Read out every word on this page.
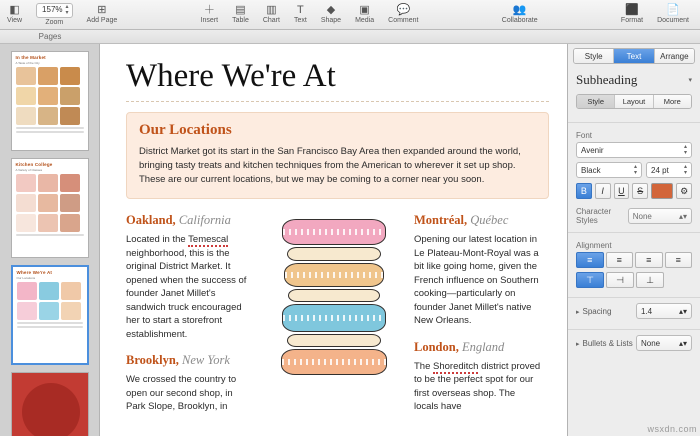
◧
View
157% ▴
▾
Zoom
⊞
Add Page
＋
Insert
▤
Table
▥
Chart
T
Text
◆
Shape
▣
Media
💬
Comment
👥
Collaborate
⬛
Format
📄
Document
Pages
In the Market
A Taste of the City
Kitchen College
A Variety of Classes
Where We're At
Our Locations
Where We're At
Our Locations

District Market got its start in the San Francisco Bay Area then expanded around the world, bringing tasty treats and kitchen techniques from the American to wherever it set up shop. These are our current locations, but we may be coming to a corner near you soon.

Oakland, California

Located in the Temescal neighborhood, this is the original District Market. It opened when the success of founder Janet Millet's sandwich truck encouraged her to start a storefront establishment.

Brooklyn, New York

We crossed the country to open our second shop, in Park Slope, Brooklyn, in

Montréal, Québec

Opening our latest location in Le Plateau-Mont-Royal was a bit like going home, given the French influence on Southern cooking—particularly on founder Janet Millet's native New Orleans.

London, England

The Shoreditch district proved to be the perfect spot for our first overseas shop. The locals have

Style	Text	Arrange
Subheading	▾
Style	Layout	More
Font
Avenir	▴
▾
Black	▴
▾ 24 pt	▴
▾
B	I	U	S	⚙
Character Styles	None	▴▾
Alignment
≡	≡	≡	≡
⊤	⊣	⊥
▸ Spacing	1.4	▴▾
▸ Bullets & Lists None ▴▾
wsxdn.com
